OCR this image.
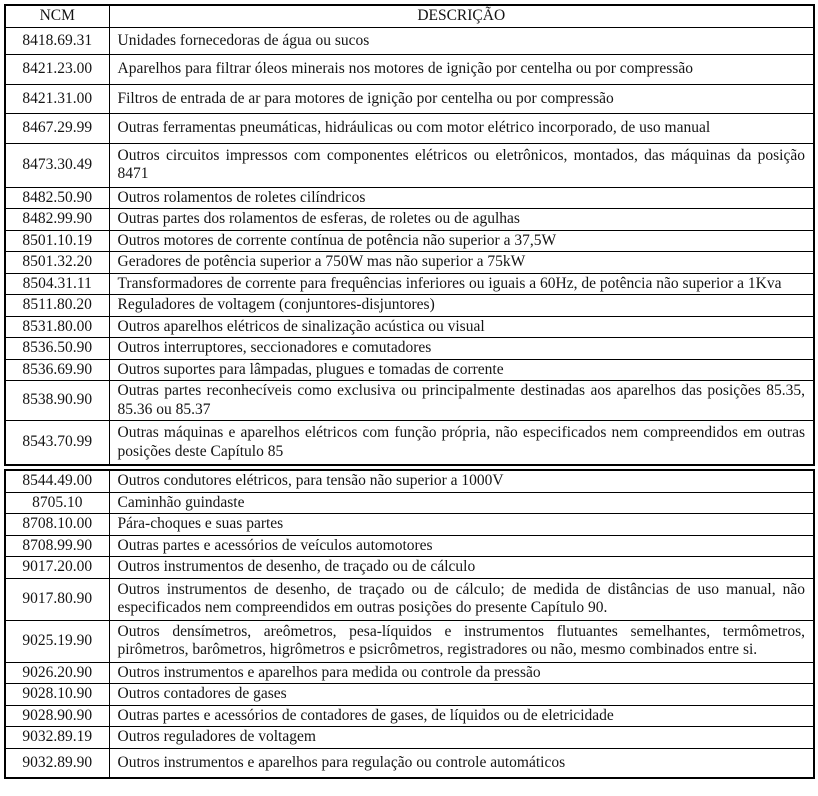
NCM	DESCRIÇÃO
8418.69.31	Unidades fornecedoras de água ou sucos
8421.23.00	Aparelhos para filtrar óleos minerais nos motores de ignição por centelha ou por compressão
8421.31.00	Filtros de entrada de ar para motores de ignição por centelha ou por compressão
8467.29.99	Outras ferramentas pneumáticas, hidráulicas ou com motor elétrico incorporado, de uso manual
8473.30.49	Outros circuitos impressos com componentes elétricos ou eletrônicos, montados, das máquinas da posição 8471
8482.50.90	Outros rolamentos de roletes cilíndricos
8482.99.90	Outras partes dos rolamentos de esferas, de roletes ou de agulhas
8501.10.19	Outros motores de corrente contínua de potência não superior a 37,5W
8501.32.20	Geradores de potência superior a 750W mas não superior a 75kW
8504.31.11	Transformadores de corrente para frequências inferiores ou iguais a 60Hz, de potência não superior a 1Kva
8511.80.20	Reguladores de voltagem (conjuntores-disjuntores)
8531.80.00	Outros aparelhos elétricos de sinalização acústica ou visual
8536.50.90	Outros interruptores, seccionadores e comutadores
8536.69.90	Outros suportes para lâmpadas, plugues e tomadas de corrente
8538.90.90	Outras partes reconhecíveis como exclusiva ou principalmente destinadas aos aparelhos das posições 85.35, 85.36 ou 85.37
8543.70.99	Outras máquinas e aparelhos elétricos com função própria, não especificados nem compreendidos em outras posições deste Capítulo 85
8544.49.00	Outros condutores elétricos, para tensão não superior a 1000V
8705.10	Caminhão guindaste
8708.10.00	Pára-choques e suas partes
8708.99.90	Outras partes e acessórios de veículos automotores
9017.20.00	Outros instrumentos de desenho, de traçado ou de cálculo
9017.80.90	Outros instrumentos de desenho, de traçado ou de cálculo; de medida de distâncias de uso manual, não especificados nem compreendidos em outras posições do presente Capítulo 90.
9025.19.90	Outros densímetros, areômetros, pesa-líquidos e instrumentos flutuantes semelhantes, termômetros, pirômetros, barômetros, higrômetros e psicrômetros, registradores ou não, mesmo combinados entre si.
9026.20.90	Outros instrumentos e aparelhos para medida ou controle da pressão
9028.10.90	Outros contadores de gases
9028.90.90	Outras partes e acessórios de contadores de gases, de líquidos ou de eletricidade
9032.89.19	Outros reguladores de voltagem
9032.89.90	Outros instrumentos e aparelhos para regulação ou controle automáticos
